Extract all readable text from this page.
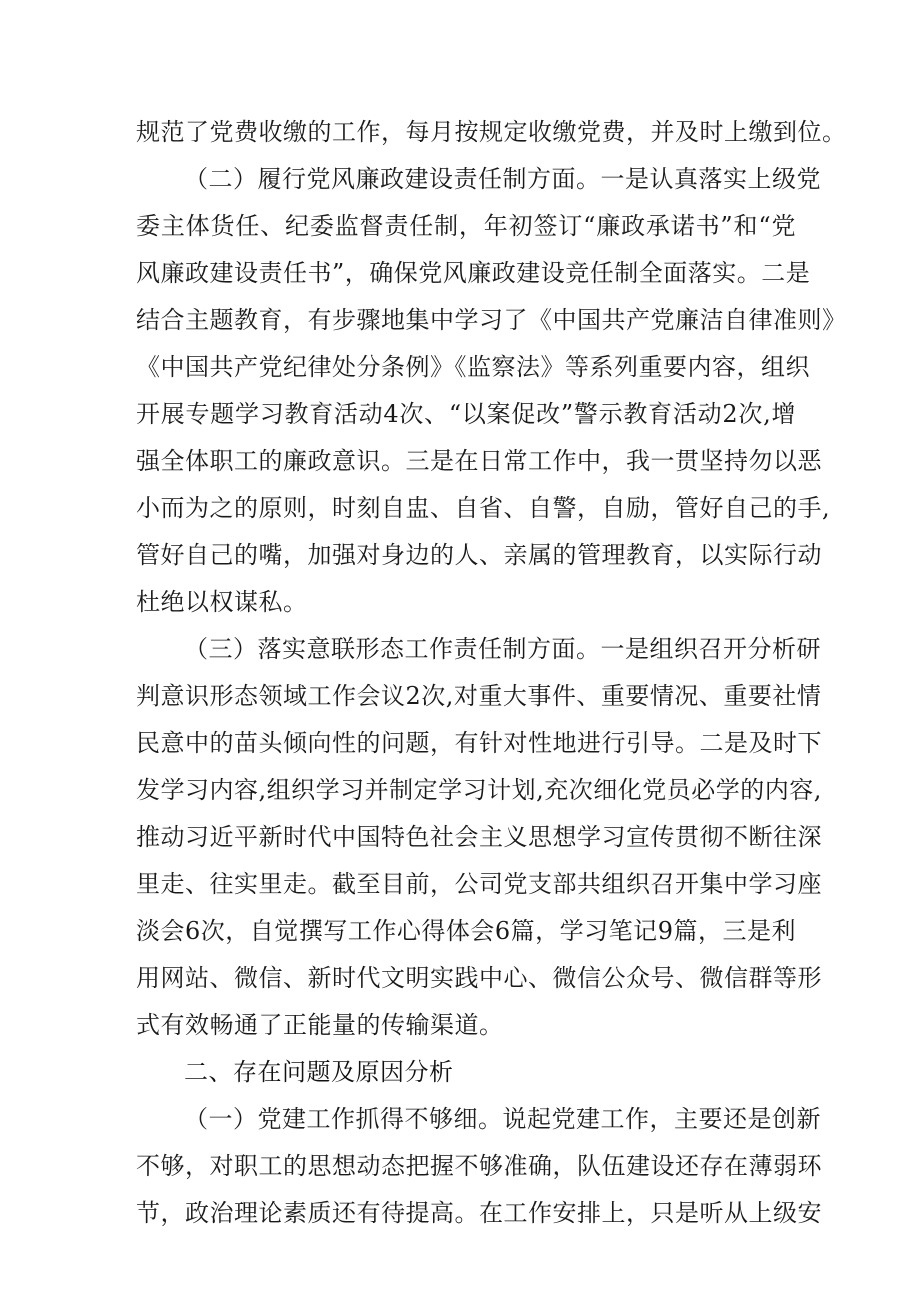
规范了党费收缴的工作，每月按规定收缴党费，并及时上缴到位。
（二）履行党风廉政建设责任制方面。一是认真落实上级党
委主体货任、纪委监督责任制，年初签订“廉政承诺书”和“党
风廉政建设责任书”，确保党风廉政建设竞任制全面落实。二是
结合主题教育，有步骤地集中学习了《中国共产党廉洁自律准则》
《中国共产党纪律处分条例》《监察法》等系列重要内容，组织
开展专题学习教育活动4次、“以案促改”警示教育活动2次,增
强全体职工的廉政意识。三是在日常工作中，我一贯坚持勿以恶
小而为之的原则，时刻自盅、自省、自警，自励，管好自己的手,
管好自己的嘴，加强对身边的人、亲属的管理教育，以实际行动
杜绝以权谋私。
（三）落实意联形态工作责任制方面。一是组织召开分析研
判意识形态领域工作会议2次,对重大事件、重要情况、重要社情
民意中的苗头倾向性的问题，有针对性地进行引导。二是及时下
发学习内容,组织学习并制定学习计划,充次细化党员必学的内容,
推动习近平新时代中国特色社会主义思想学习宣传贯彻不断往深
里走、往实里走。截至目前，公司党支部共组织召开集中学习座
淡会6次，自觉撰写工作心得体会6篇，学习笔记9篇，三是利
用网站、微信、新时代文明实践中心、微信公众号、微信群等形
式有效畅通了正能量的传输渠道。
二、存在问题及原因分析
（一）党建工作抓得不够细。说起党建工作，主要还是创新
不够，对职工的思想动态把握不够准确，队伍建设还存在薄弱环
节，政治理论素质还有待提高。在工作安排上，只是听从上级安
